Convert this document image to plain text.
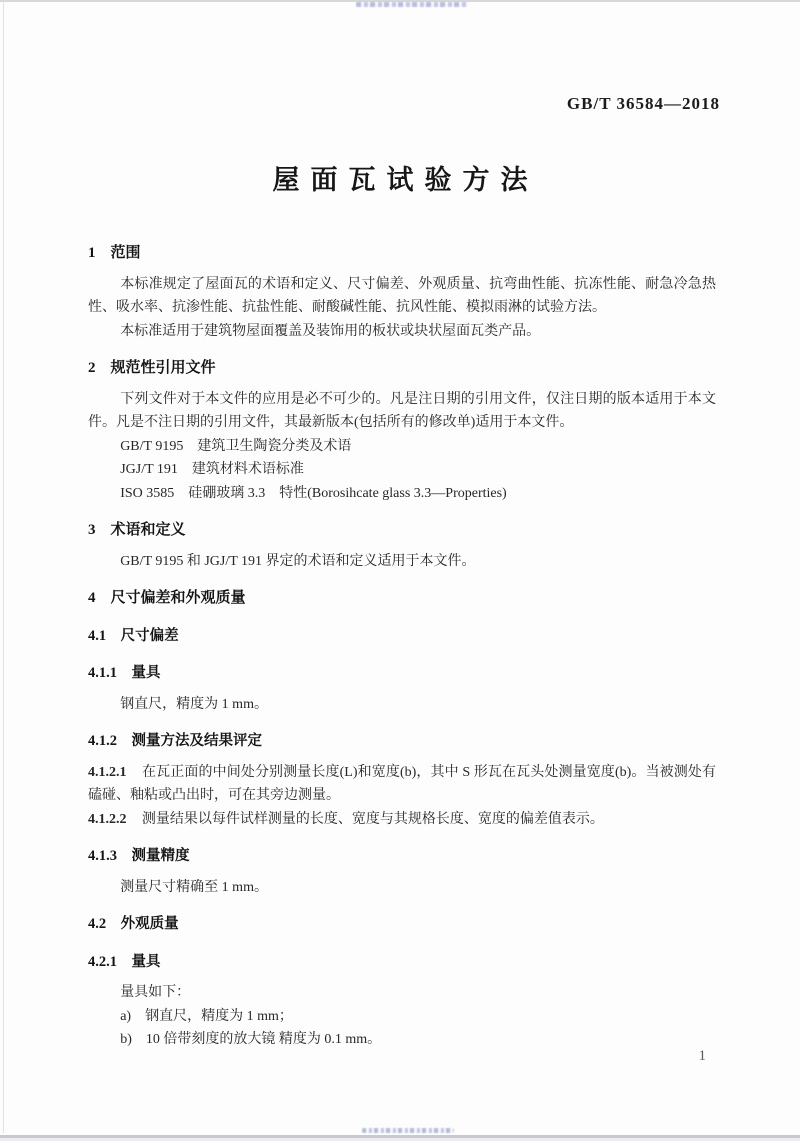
GB/T 36584—2018
屋面瓦试验方法
1　范围

本标准规定了屋面瓦的术语和定义、尺寸偏差、外观质量、抗弯曲性能、抗冻性能、耐急冷急热性、吸水率、抗渗性能、抗盐性能、耐酸碱性能、抗风性能、模拟雨淋的试验方法。

本标准适用于建筑物屋面覆盖及装饰用的板状或块状屋面瓦类产品。

2　规范性引用文件

下列文件对于本文件的应用是必不可少的。凡是注日期的引用文件，仅注日期的版本适用于本文件。凡是不注日期的引用文件，其最新版本(包括所有的修改单)适用于本文件。

GB/T 9195　建筑卫生陶瓷分类及术语

JGJ/T 191　建筑材料术语标准

ISO 3585　硅硼玻璃 3.3　特性(Borosihcate glass 3.3—Properties)

3　术语和定义

GB/T 9195 和 JGJ/T 191 界定的术语和定义适用于本文件。

4　尺寸偏差和外观质量
4.1　尺寸偏差
4.1.1　量具

钢直尺，精度为 1 mm。

4.1.2　测量方法及结果评定

4.1.2.1 在瓦正面的中间处分别测量长度(L)和宽度(b)，其中 S 形瓦在瓦头处测量宽度(b)。当被测处有磕碰、釉粘或凸出时，可在其旁边测量。

4.1.2.2 测量结果以每件试样测量的长度、宽度与其规格长度、宽度的偏差值表示。

4.1.3　测量精度

测量尺寸精确至 1 mm。

4.2　外观质量
4.2.1　量具

量具如下：

a)　钢直尺，精度为 1 mm；

b)　10 倍带刻度的放大镜 精度为 0.1 mm。

1
